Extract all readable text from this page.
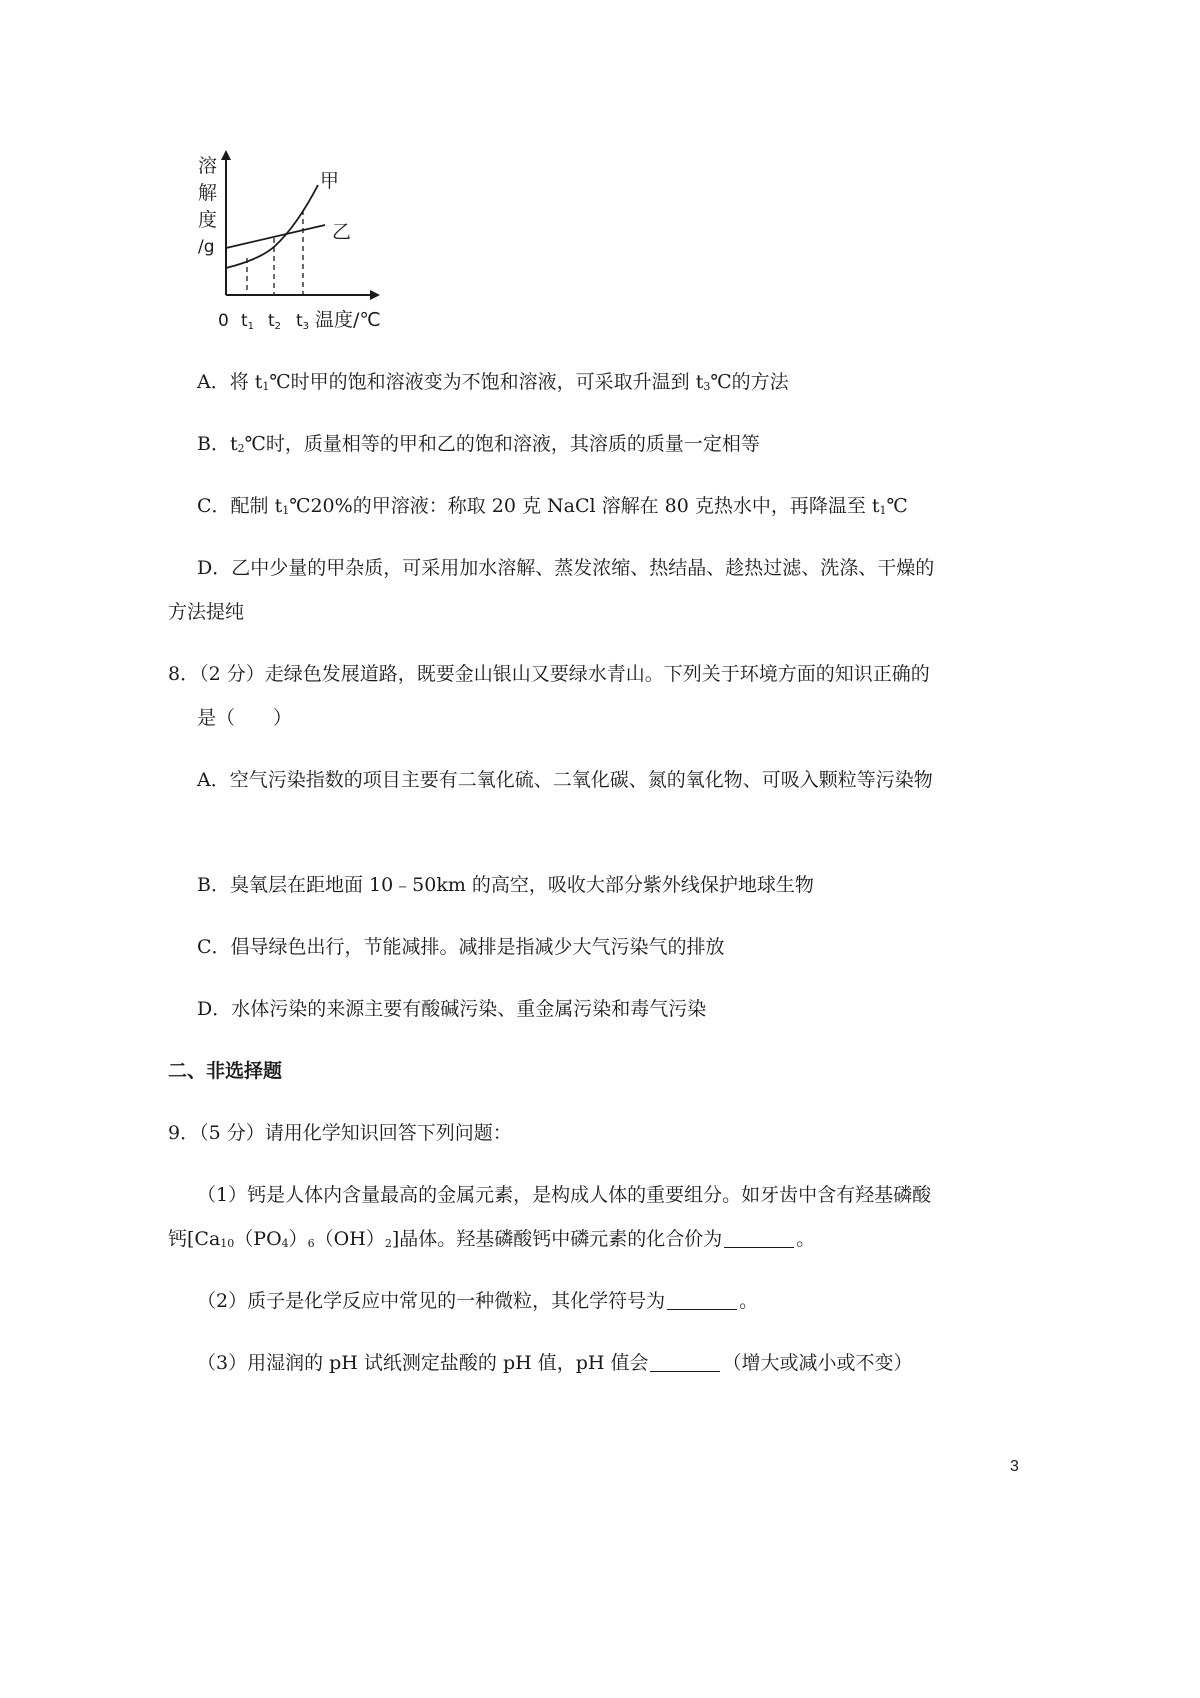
溶
解
度
/g
甲
乙
0 t1 t2 t3 温度/℃
A．将 $t_1℃$时甲的饱和溶液变为不饱和溶液，可采取升温到 $t_3℃$的方法
B．$t_2℃$时，质量相等的甲和乙的饱和溶液，其溶质的质量一定相等
C．配制 $t_1℃20\%$的甲溶液：称取 20 克 NaCl 溶解在 80 克热水中，再降温至 $t_1℃$
D．乙中少量的甲杂质，可采用加水溶解、蒸发浓缩、热结晶、趁热过滤、洗涤、干燥的
方法提纯
8．（2 分）走绿色发展道路，既要金山银山又要绿水青山。下列关于环境方面的知识正确的
是（　　）
A．空气污染指数的项目主要有二氧化硫、二氧化碳、氮的氧化物、可吸入颗粒等污染物
B．臭氧层在距地面 10﹣50km 的高空，吸收大部分紫外线保护地球生物
C．倡导绿色出行，节能减排。减排是指减少大气污染气的排放
D．水体污染的来源主要有酸碱污染、重金属污染和毒气污染
二、非选择题
9．（5 分）请用化学知识回答下列问题：
（1）钙是人体内含量最高的金属元素，是构成人体的重要组分。如牙齿中含有羟基磷酸
钙$[Ca_{10}(PO_4)_6(OH)_2]$晶体。羟基磷酸钙中磷元素的化合价为	。
（2）质子是化学反应中常见的一种微粒，其化学符号为	。
（3）用湿润的 pH 试纸测定盐酸的 pH 值，pH 值会	（增大或减小或不变）
3
